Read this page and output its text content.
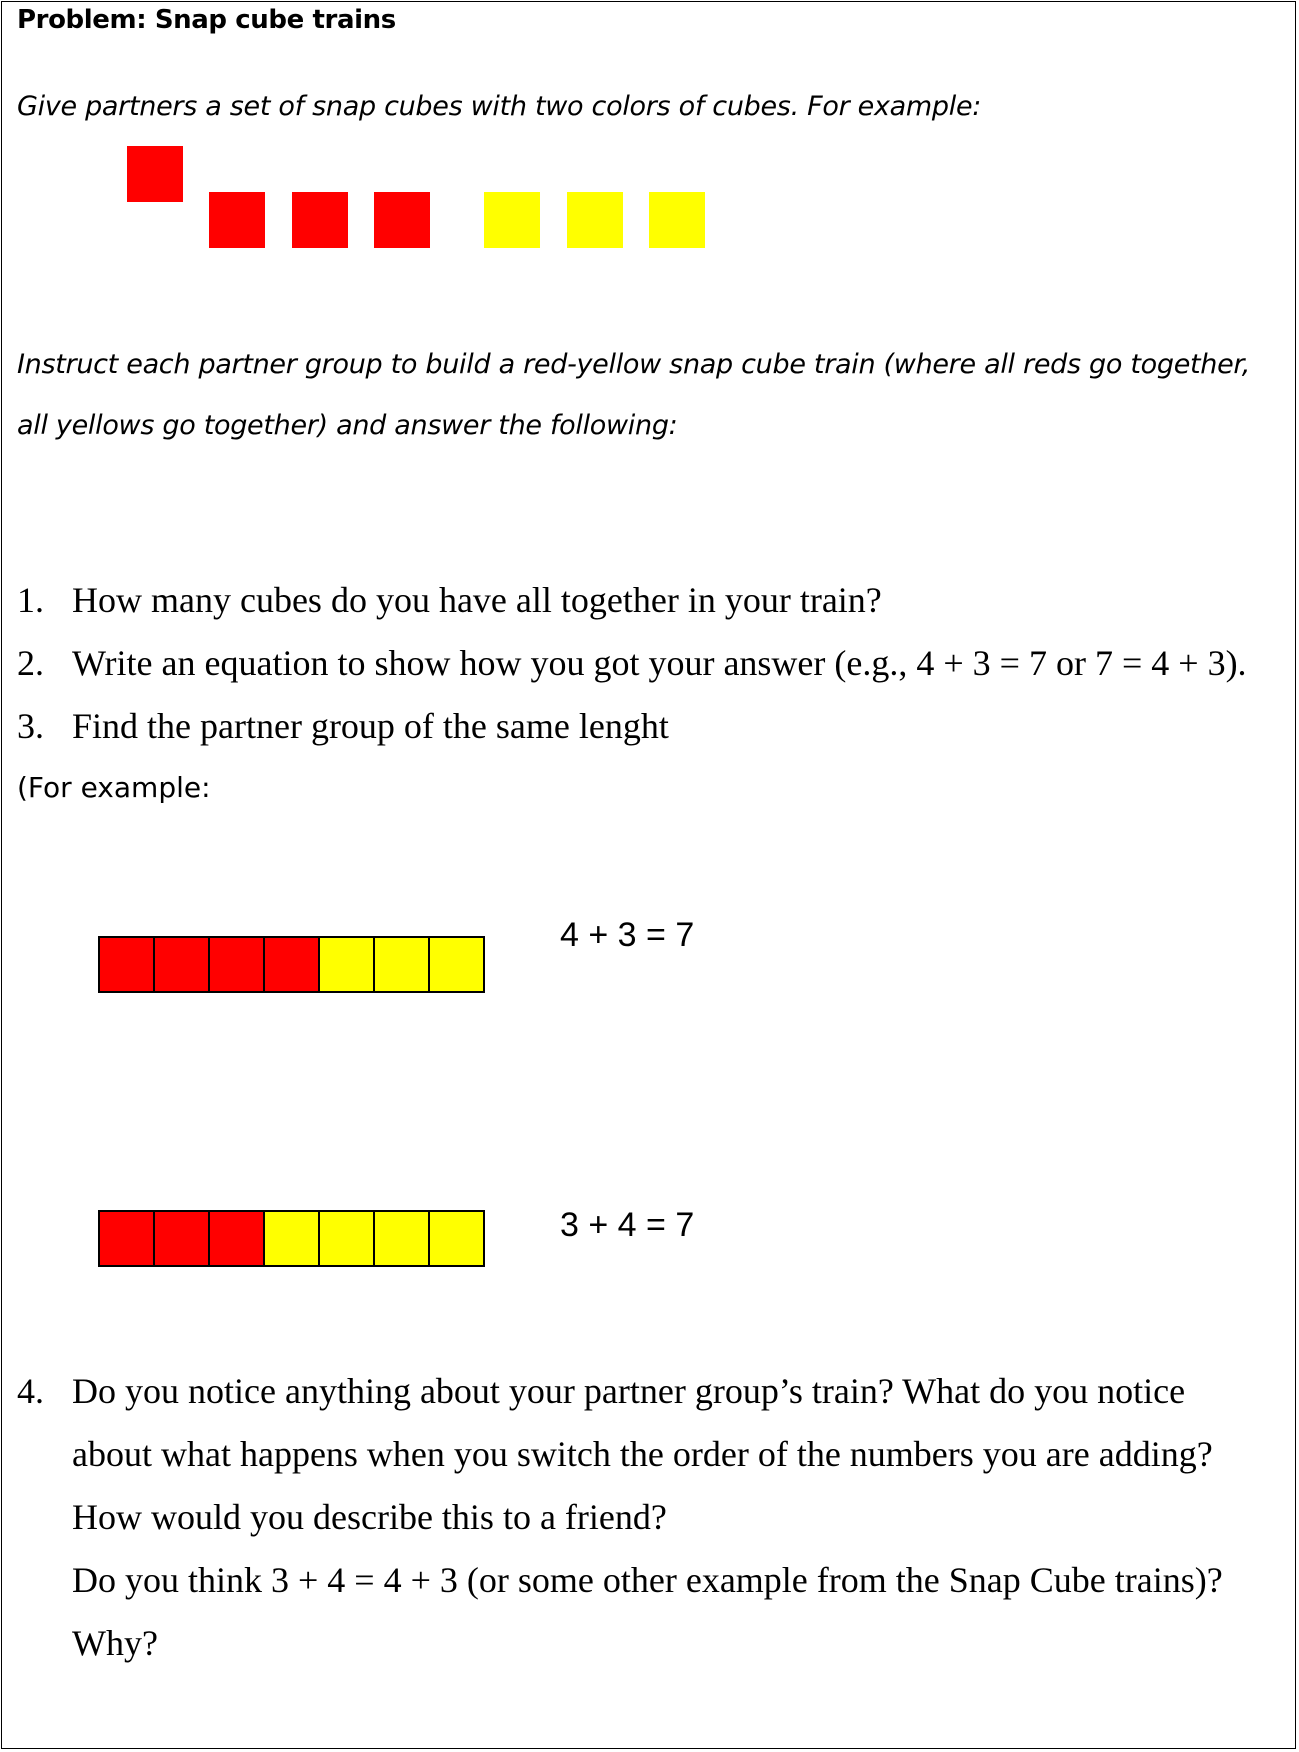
Problem: Snap cube trains
Give partners a set of snap cubes with two colors of cubes. For example:
Instruct each partner group to build a red-yellow snap cube train (where all reds go together,
all yellows go together) and answer the following:
1. How many cubes do you have all together in your train?
2. Write an equation to show how you got your answer (e.g., 4 + 3 = 7 or 7 = 4 + 3).
3. Find the partner group of the same lenght
(For example:
4 + 3 = 7
3 + 4 = 7
4. Do you notice anything about your partner group’s train? What do you notice
about what happens when you switch the order of the numbers you are adding?
How would you describe this to a friend?
Do you think 3 + 4 = 4 + 3 (or some other example from the Snap Cube trains)?
Why?
